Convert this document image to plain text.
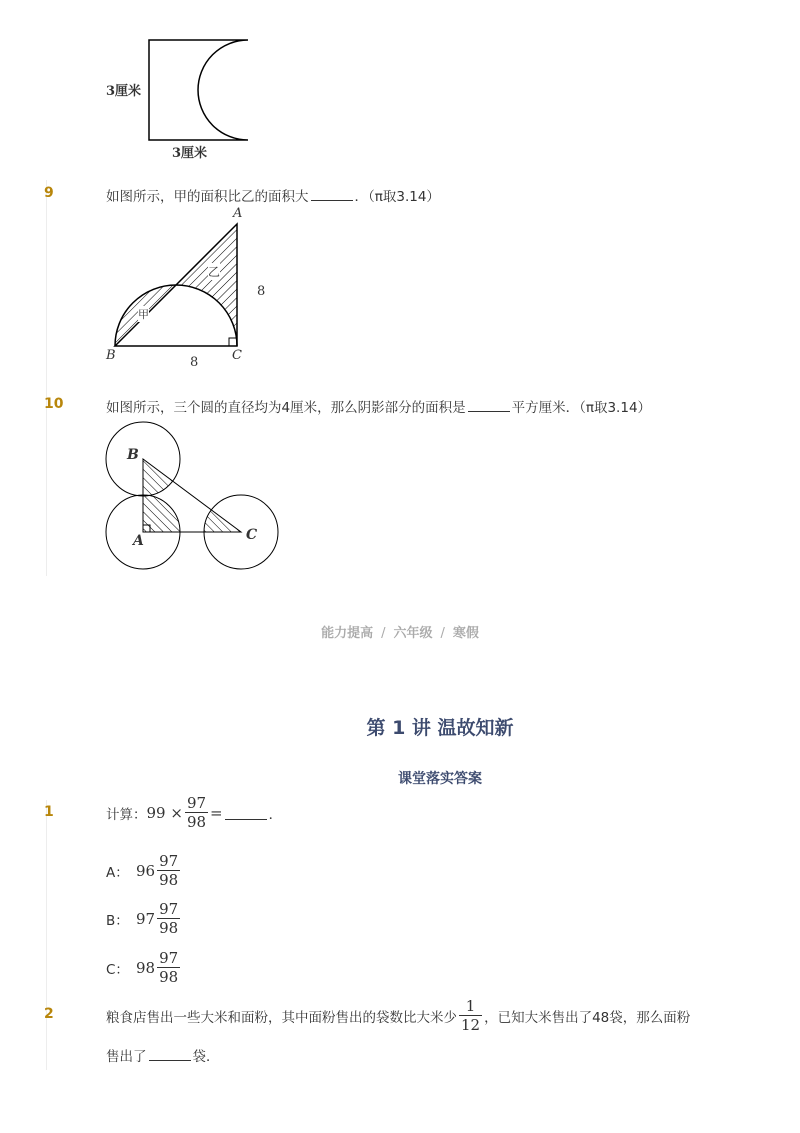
3厘米
3厘米
9	如图所示，甲的面积比乙的面积大	．（π取3.14）
A
B	C
乙
甲
8
8
10	如图所示，三个圆的直径均为4厘米，那么阴影部分的面积是	平方厘米．（π取3.14）
B
A	C
能力提高 / 六年级 / 寒假
第 1 讲 温故知新
课堂落实答案
1	计算： $99 \times \frac{97}{98}$ =	．
A： $96 \frac{97}{98}$
B： $97 \frac{97}{98}$
C： $98 \frac{97}{98}$
2	粮食店售出一些大米和面粉，其中面粉售出的袋数比大米少 $\frac{1}{12}$ ，已知大米售出了48袋，那么面粉
售出了	袋．
